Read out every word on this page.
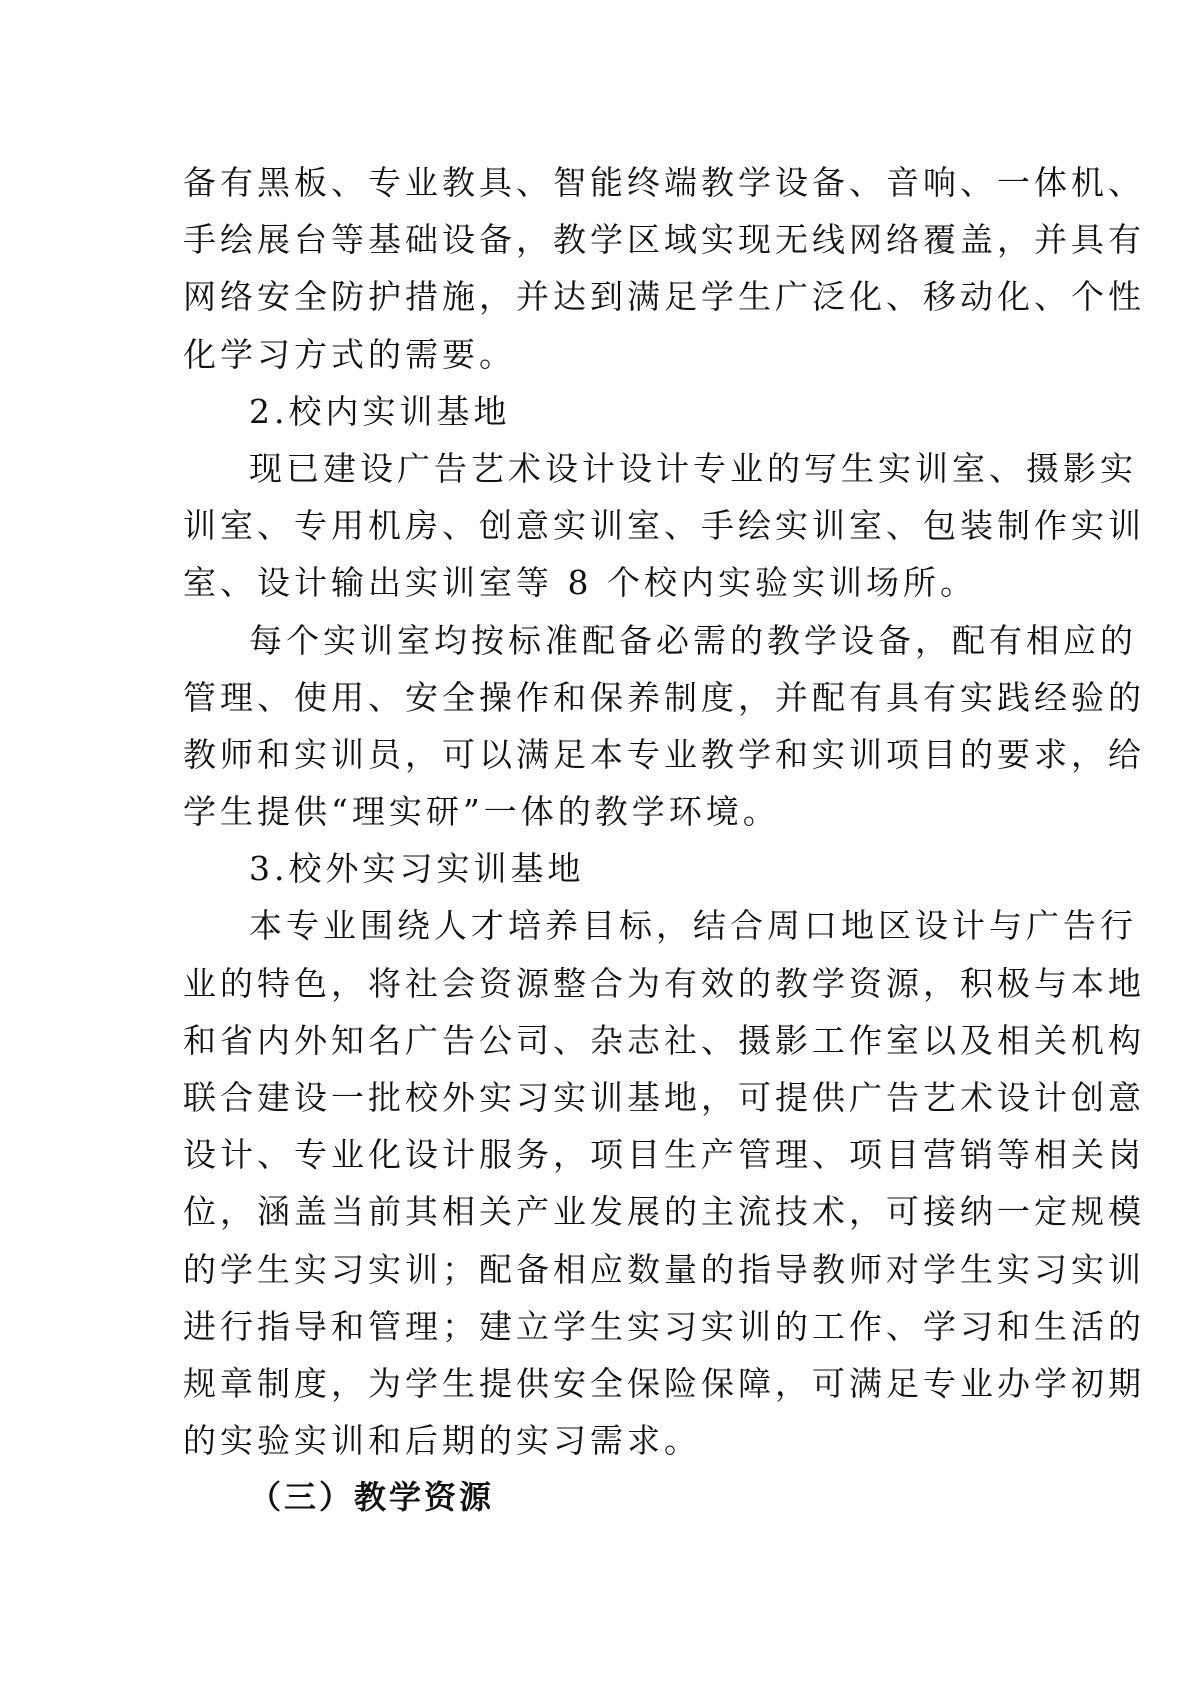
备有黑板、专业教具、智能终端教学设备、音响、一体机、
手绘展台等基础设备，教学区域实现无线网络覆盖，并具有
网络安全防护措施，并达到满足学生广泛化、移动化、个性
化学习方式的需要。
2.校内实训基地
现已建设广告艺术设计设计专业的写生实训室、摄影实
训室、专用机房、创意实训室、手绘实训室、包装制作实训
室、设计输出实训室等 8 个校内实验实训场所。
每个实训室均按标准配备必需的教学设备，配有相应的
管理、使用、安全操作和保养制度，并配有具有实践经验的
教师和实训员，可以满足本专业教学和实训项目的要求，给
学生提供“理实研”一体的教学环境。
3.校外实习实训基地
本专业围绕人才培养目标，结合周口地区设计与广告行
业的特色，将社会资源整合为有效的教学资源，积极与本地
和省内外知名广告公司、杂志社、摄影工作室以及相关机构
联合建设一批校外实习实训基地，可提供广告艺术设计创意
设计、专业化设计服务，项目生产管理、项目营销等相关岗
位，涵盖当前其相关产业发展的主流技术，可接纳一定规模
的学生实习实训；配备相应数量的指导教师对学生实习实训
进行指导和管理；建立学生实习实训的工作、学习和生活的
规章制度，为学生提供安全保险保障，可满足专业办学初期
的实验实训和后期的实习需求。
（三）教学资源
